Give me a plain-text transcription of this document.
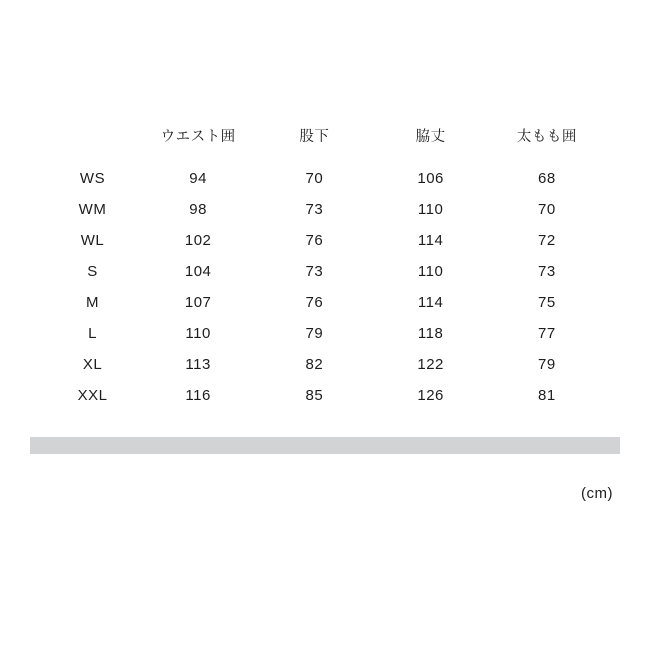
	ウエスト囲	股下	脇丈	太もも囲
WS	94	70	106	68
WM	98	73	110	70
WL	102	76	114	72
S	104	73	110	73
M	107	76	114	75
L	110	79	118	77
XL	113	82	122	79
XXL	116	85	126	81
(cm)
